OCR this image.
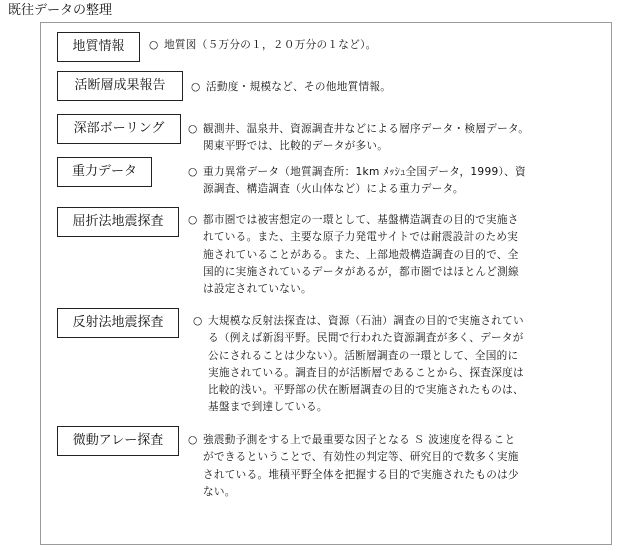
既往データの整理
地質情報	○ 地質図（５万分の１，２０万分の１など）。
活断層成果報告	○ 活動度・規模など、その他地質情報。
深部ボーリング	○ 観測井、温泉井、資源調査井などによる層序データ・検層データ。
関東平野では、比較的データが多い。
重力データ	○ 重力異常データ（地質調査所：1km ﾒｯｼｭ全国データ，1999）、資
源調査、構造調査（火山体など）による重力データ。
屈折法地震探査	○ 都市圏では被害想定の一環として、基盤構造調査の目的で実施さ
れている。また、主要な原子力発電サイトでは耐震設計のため実
施されていることがある。また、上部地殻構造調査の目的で、全
国的に実施されているデータがあるが，都市圏ではほとんど測線
は設定されていない。
反射法地震探査	○ 大規模な反射法探査は、資源（石油）調査の目的で実施されてい
る（例えば新潟平野。民間で行われた資源調査が多く、データが
公にされることは少ない）。活断層調査の一環として、全国的に
実施されている。調査目的が活断層であることから、探査深度は
比較的浅い。平野部の伏在断層調査の目的で実施されたものは、
基盤まで到達している。
微動アレー探査	○ 強震動予測をする上で最重要な因子となる Ｓ 波速度を得ること
ができるということで、有効性の判定等、研究目的で数多く実施
されている。堆積平野全体を把握する目的で実施されたものは少
ない。
